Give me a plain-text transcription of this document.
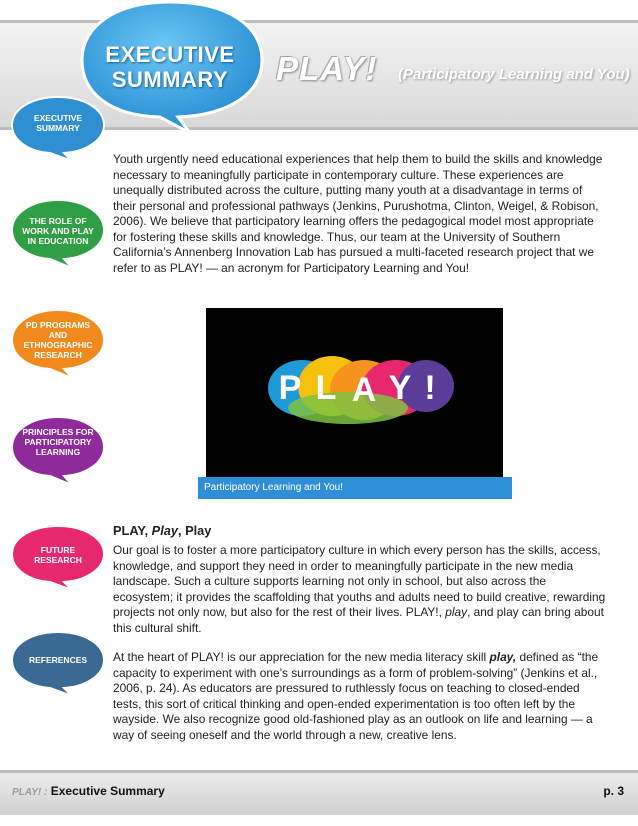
EXECUTIVE
SUMMARY	PLAY! (Participatory Learning and You)
EXECUTIVE SUMMARY
THE ROLE OF WORK AND PLAY IN EDUCATION
PD PROGRAMS AND ETHNOGRAPHIC RESEARCH
PRINCIPLES FOR PARTICIPATORY LEARNING
FUTURE RESEARCH
REFERENCES

Youth urgently need educational experiences that help them to build the skills and knowledge necessary to meaningfully participate in contemporary culture. These experiences are unequally distributed across the culture, putting many youth at a disadvantage in terms of their personal and professional pathways (Jenkins, Purushotma, Clinton, Weigel, & Robison, 2006). We believe that participatory learning offers the pedagogical model most appropriate for fostering these skills and knowledge. Thus, our team at the University of Southern California’s Annenberg Innovation Lab has pursued a multi-faceted research project that we refer to as PLAY! — an acronym for Participatory Learning and You!

P L A Y !
Participatory Learning and You!
PLAY, Play, Play

Our goal is to foster a more participatory culture in which every person has the skills, access, knowledge, and support they need in order to meaningfully participate in the new media landscape. Such a culture supports learning not only in school, but also across the ecosystem; it provides the scaffolding that youths and adults need to build creative, rewarding projects not only now, but also for the rest of their lives. PLAY!, play, and play can bring about this cultural shift.

At the heart of PLAY! is our appreciation for the new media literacy skill play, defined as “the capacity to experiment with one’s surroundings as a form of problem-solving” (Jenkins et al., 2006, p. 24). As educators are pressured to ruthlessly focus on teaching to closed-ended tests, this sort of critical thinking and open-ended experimentation is too often left by the wayside. We also recognize good old-fashioned play as an outlook on life and learning — a way of seeing oneself and the world through a new, creative lens.

PLAY! : Executive Summary	p. 3
